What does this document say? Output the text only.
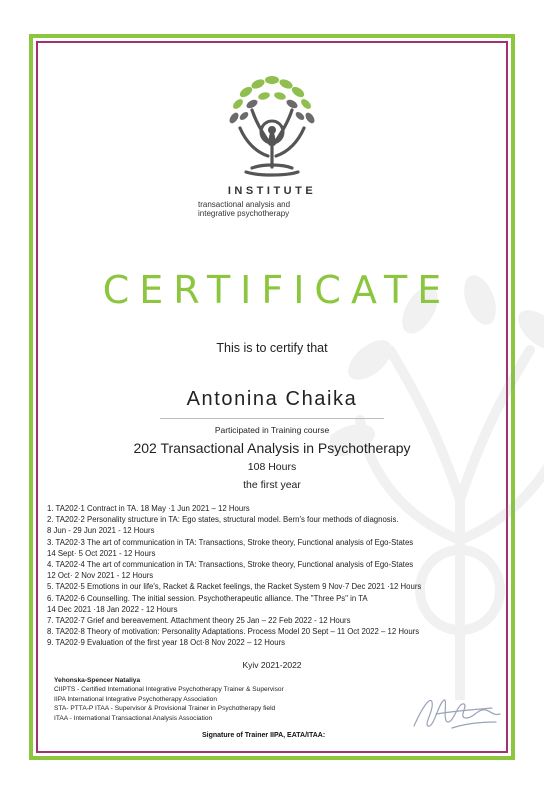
INSTITUTE
transactional analysis and
integrative psychotherapy
CERTIFICATE
This is to certify that
Antonina Chaika
Participated in Training course
202 Transactional Analysis in Psychotherapy
108 Hours
the first year
1. TA202·1 Contract in TA. 18 May ·1 Jun 2021 – 12 Hours
2. TA202·2 Personality structure in TA: Ego states, structural model. Bern's four methods of diagnosis.
8 Jun - 29 Jun 2021 - 12 Hours
3. TA202·3 The art of communication in TA: Transactions, Stroke theory, Functional analysis of Ego-States
14 Sept· 5 Oct 2021 - 12 Hours
4. TA202·4 The art of communication in TA: Transactions, Stroke theory, Functional analysis of Ego-States
12 Oct· 2 Nov 2021 - 12 Hours
5. TA202·5 Emotions in our life's, Racket & Racket feelings, the Racket System 9 Nov·7 Dec 2021 ·12 Hours
6. TA202·6 Counselling. The initial session. Psychotherapeutic alliance. The "Three Ps" in TA
14 Dec 2021 ·18 Jan 2022 - 12 Hours
7. TA202·7 Grief and bereavement. Attachment theory 25 Jan – 22 Feb 2022 - 12 Hours
8. TA202·8 Theory of motivation: Personality Adaptations. Process Model 20 Sept – 11 Oct 2022 – 12 Hours
9. TA202·9 Evaluation of the first year 18 Oct·8 Nov 2022 – 12 Hours
Kyiv 2021-2022
Yehonska-Spencer Nataliya
CIIPTS - Certified International Integrative Psychotherapy Trainer & Supervisor
IIPA International Integrative Psychotherapy Association
STA- PTTA-P ITAA - Supervisor & Provisional Trainer in Psychotherapy field
ITAA - International Transactional Analysis Association
Signature of Trainer IIPA, EATA/ITAA:
